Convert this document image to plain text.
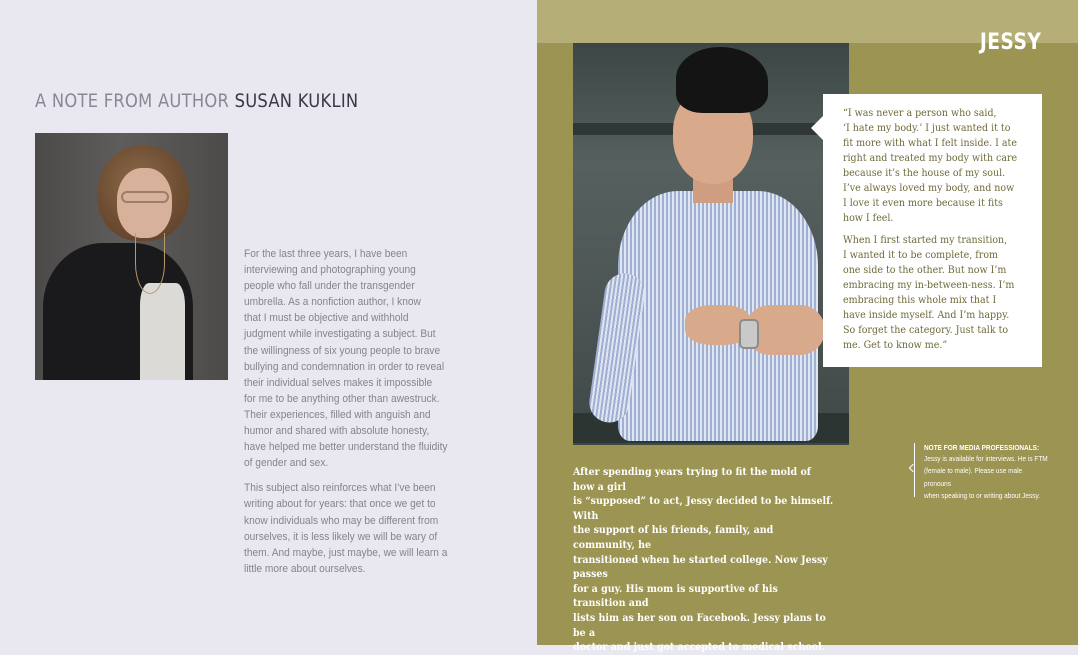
A NOTE FROM AUTHOR SUSAN KUKLIN

For the last three years, I have been
interviewing and photographing young
people who fall under the transgender
umbrella. As a nonfiction author, I know
that I must be objective and withhold
judgment while investigating a subject. But
the willingness of six young people to brave
bullying and condemnation in order to reveal
their individual selves makes it impossible
for me to be anything other than awestruck.
Their experiences, filled with anguish and
humor and shared with absolute honesty,
have helped me better understand the fluidity
of gender and sex.

This subject also reinforces what I’ve been
writing about for years: that once we get to
know individuals who may be different from
ourselves, it is less likely we will be wary of
them. And maybe, just maybe, we will learn a
little more about ourselves.

JESSY

“I was never a person who said,
‘I hate my body.’ I just wanted it to
fit more with what I felt inside. I ate
right and treated my body with care
because it’s the house of my soul.
I’ve always loved my body, and now
I love it even more because it fits
how I feel.

When I first started my transition,
I wanted it to be complete, from
one side to the other. But now I’m
embracing my in-between-ness. I’m
embracing this whole mix that I
have inside myself. And I’m happy.
So forget the category. Just talk to
me. Get to know me.”

After spending years trying to fit the mold of how a girl
is “supposed” to act, Jessy decided to be himself. With
the support of his friends, family, and community, he
transitioned when he started college. Now Jessy passes
for a guy. His mom is supportive of his transition and
lists him as her son on Facebook. Jessy plans to be a
doctor and just got accepted to medical school.

NOTE FOR MEDIA PROFESSIONALS:

Jessy is available for interviews. He is FTM
(female to male). Please use male pronouns
when speaking to or writing about Jessy.
